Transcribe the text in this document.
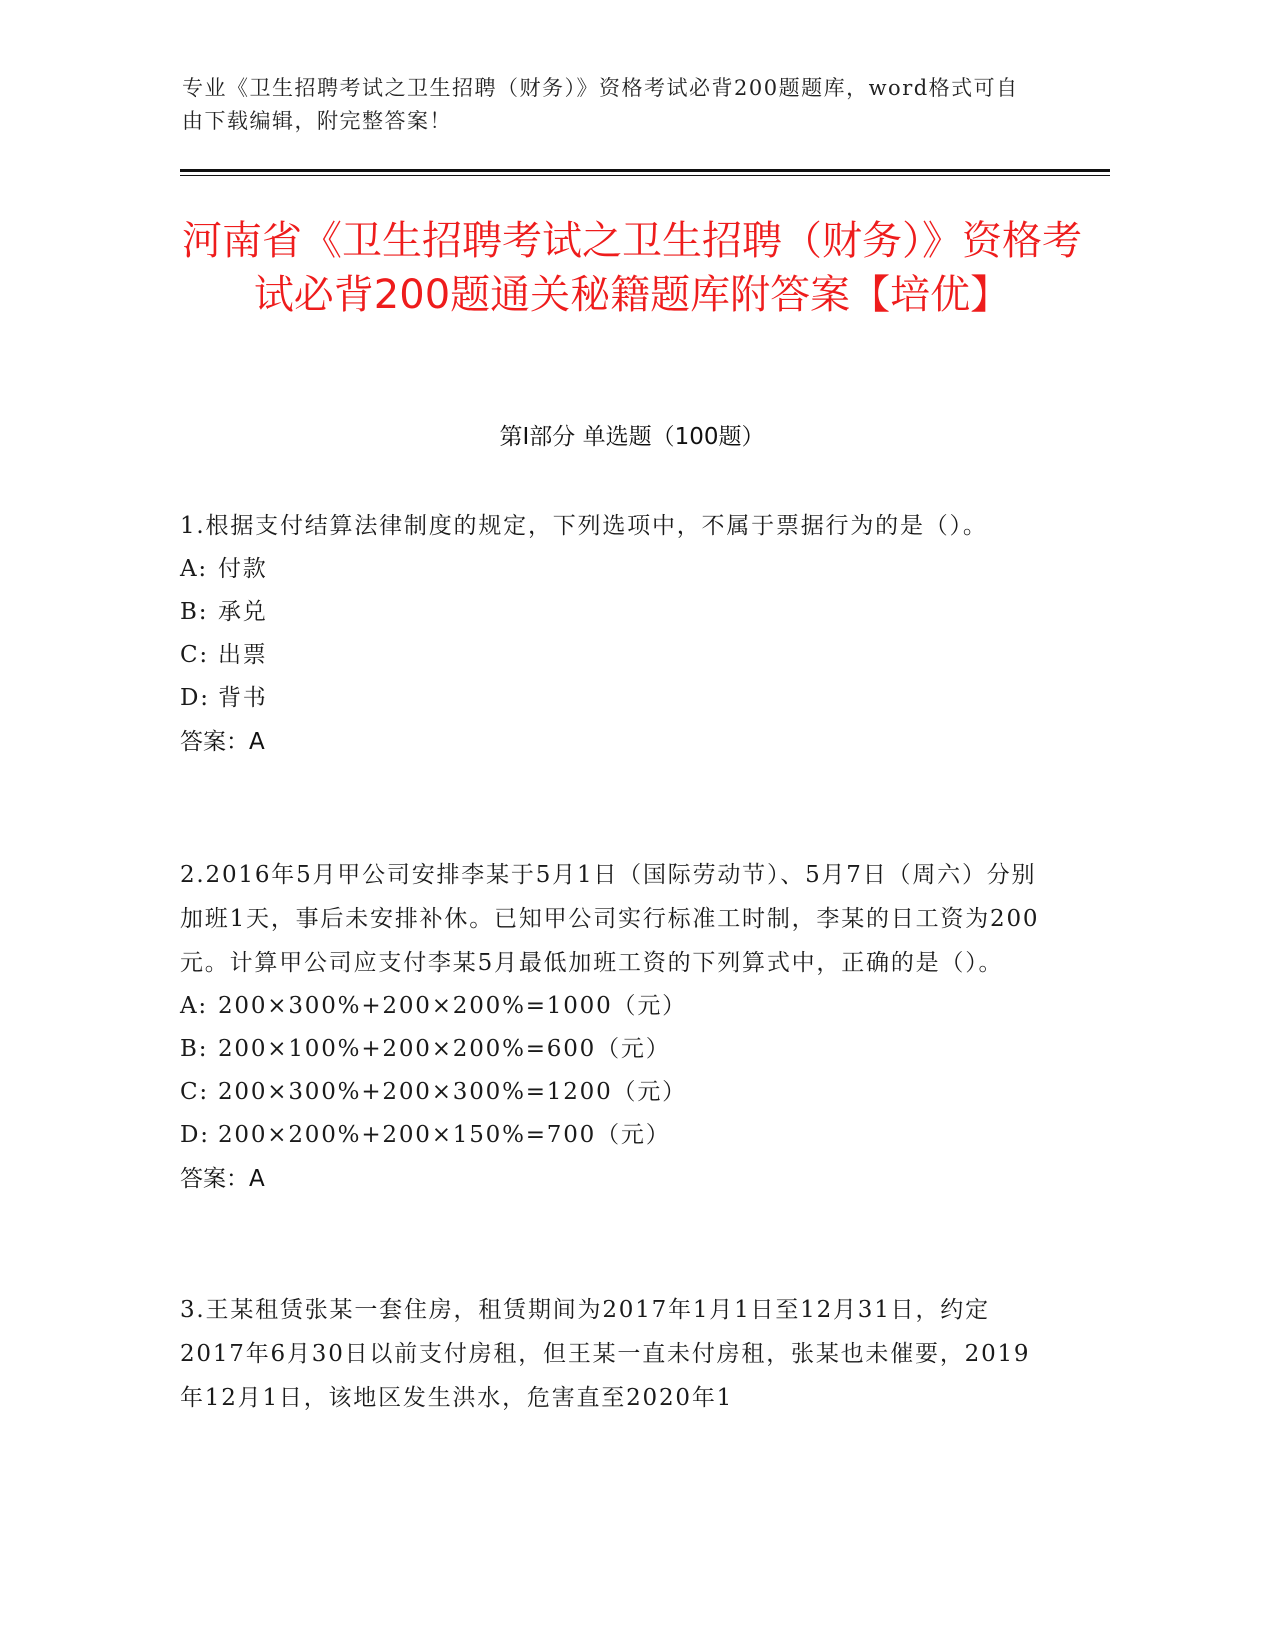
专业《卫生招聘考试之卫生招聘（财务）》资格考试必背200题题库，word格式可自由下载编辑，附完整答案！
河南省《卫生招聘考试之卫生招聘（财务）》资格考试必背200题通关秘籍题库附答案【培优】
第I部分 单选题（100题）

1.根据支付结算法律制度的规定，下列选项中，不属于票据行为的是（）。

A: 付款

B: 承兑

C: 出票

D: 背书

答案：A

2.2016年5月甲公司安排李某于5月1日（国际劳动节）、5月7日（周六）分别加班1天，事后未安排补休。已知甲公司实行标准工时制，李某的日工资为200元。计算甲公司应支付李某5月最低加班工资的下列算式中，正确的是（）。

A: 200×300%+200×200%=1000（元）

B: 200×100%+200×200%=600（元）

C: 200×300%+200×300%=1200（元）

D: 200×200%+200×150%=700（元）

答案：A

3.王某租赁张某一套住房，租赁期间为2017年1月1日至12月31日，约定2017年6月30日以前支付房租，但王某一直未付房租，张某也未催要，2019年12月1日，该地区发生洪水，危害直至2020年1
